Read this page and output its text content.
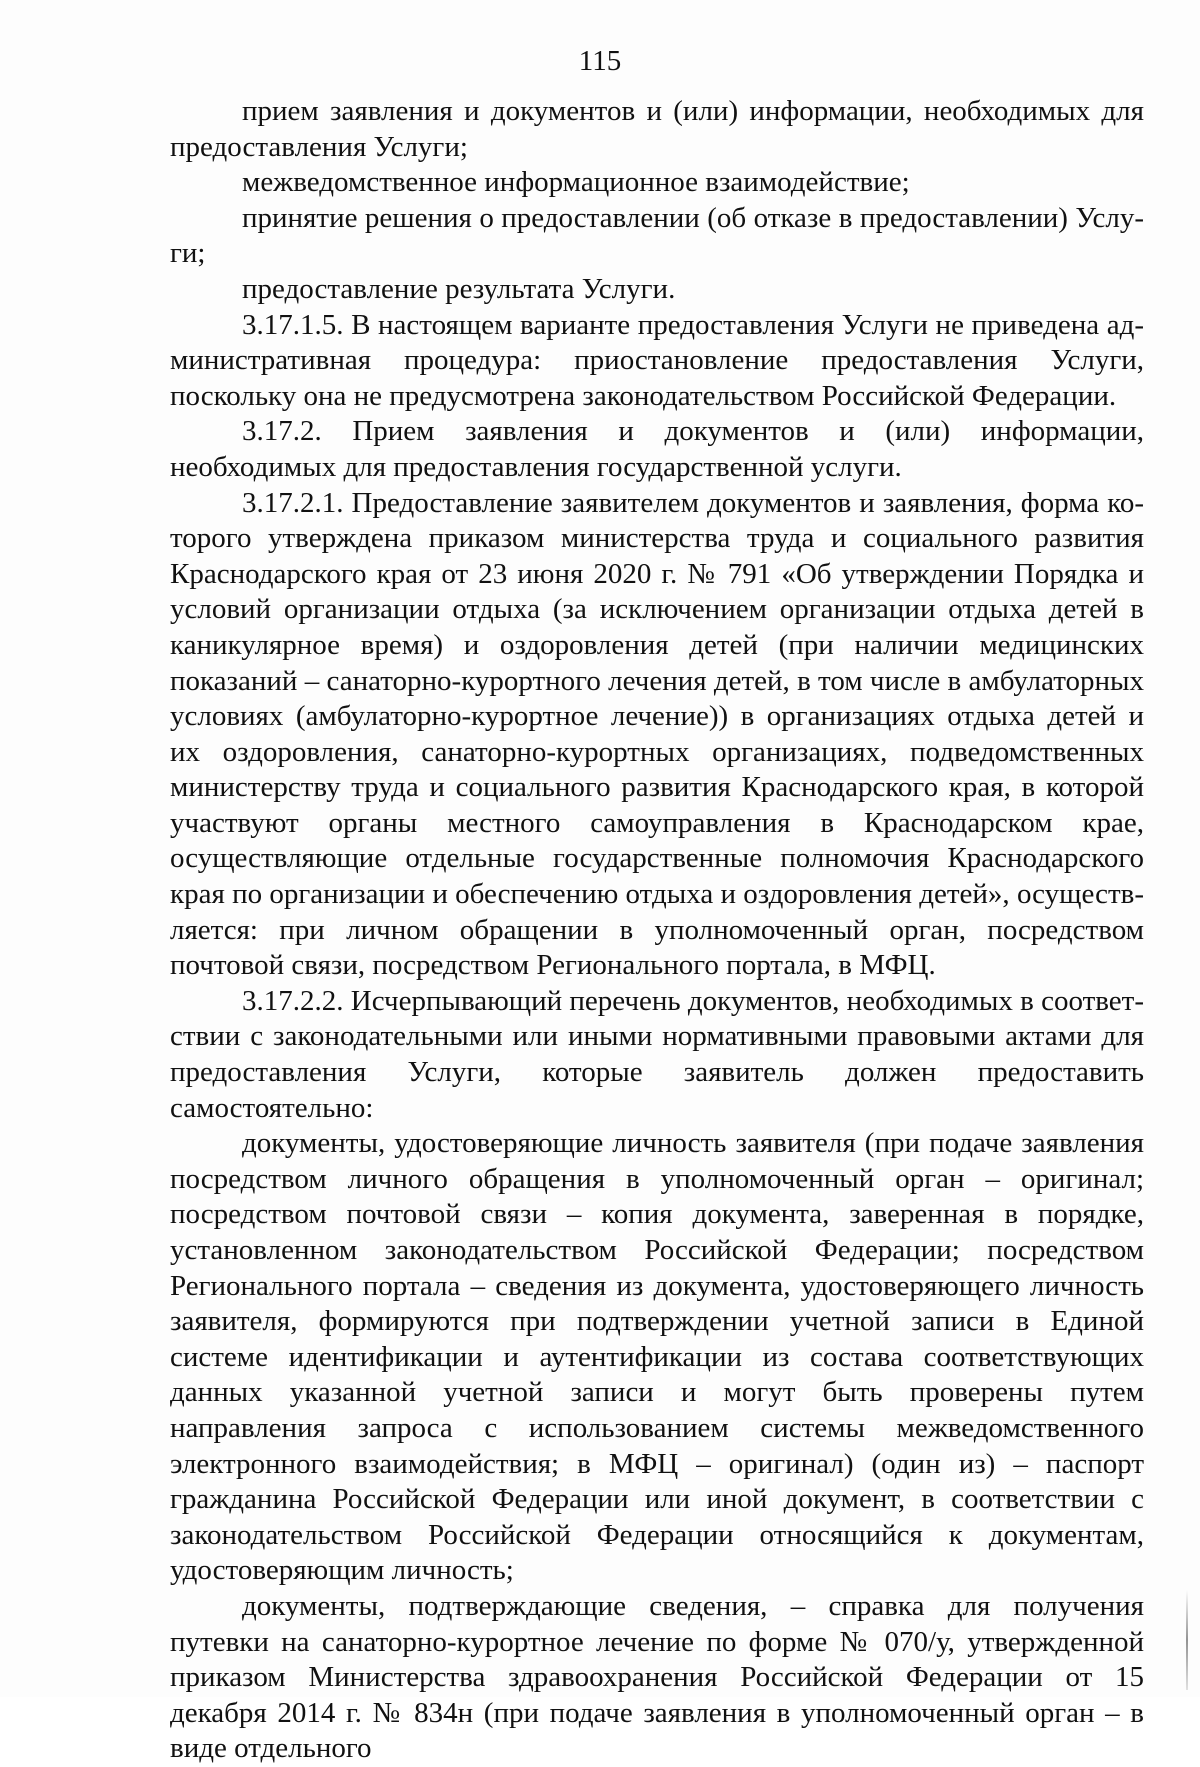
115

прием заявления и документов и (или) информации, необходимых для предоставления Услуги;

межведомственное информационное взаимодействие;

принятие решения о предоставлении (об отказе в предоставлении) Услуги;

предоставление результата Услуги.

3.17.1.5. В настоящем варианте предоставления Услуги не приведена административная процедура: приостановление предоставления Услуги, поскольку она не предусмотрена законодательством Российской Федерации.

3.17.2. Прием заявления и документов и (или) информации, необходимых для предоставления государственной услуги.

3.17.2.1. Предоставление заявителем документов и заявления, форма которого утверждена приказом министерства труда и социального развития Краснодарского края от 23 июня 2020 г. № 791 «Об утверждении Порядка и условий организации отдыха (за исключением организации отдыха детей в каникулярное время) и оздоровления детей (при наличии медицинских показаний – санаторно-курортного лечения детей, в том числе в амбулаторных условиях (амбулаторно-курортное лечение)) в организациях отдыха детей и их оздоровления, санаторно-курортных организациях, подведомственных министерству труда и социального развития Краснодарского края, в которой участвуют органы местного самоуправления в Краснодарском крае, осуществляющие отдельные государственные полномочия Краснодарского края по организации и обеспечению отдыха и оздоровления детей», осуществляется: при личном обращении в уполномоченный орган, посредством почтовой связи, посредством Регионального портала, в МФЦ.

3.17.2.2. Исчерпывающий перечень документов, необходимых в соответствии с законодательными или иными нормативными правовыми актами для предоставления Услуги, которые заявитель должен предоставить самостоятельно:

документы, удостоверяющие личность заявителя (при подаче заявления посредством личного обращения в уполномоченный орган – оригинал; посредством почтовой связи – копия документа, заверенная в порядке, установленном законодательством Российской Федерации; посредством Регионального портала – сведения из документа, удостоверяющего личность заявителя, формируются при подтверждении учетной записи в Единой системе идентификации и аутентификации из состава соответствующих данных указанной учетной записи и могут быть проверены путем направления запроса с использованием системы межведомственного электронного взаимодействия; в МФЦ – оригинал) (один из) – паспорт гражданина Российской Федерации или иной документ, в соответствии с законодательством Российской Федерации относящийся к документам, удостоверяющим личность;

документы, подтверждающие сведения, – справка для получения путевки на санаторно-курортное лечение по форме № 070/у, утвержденной приказом Министерства здравоохранения Российской Федерации от 15 декабря 2014 г. № 834н (при подаче заявления в уполномоченный орган – в виде отдельного
